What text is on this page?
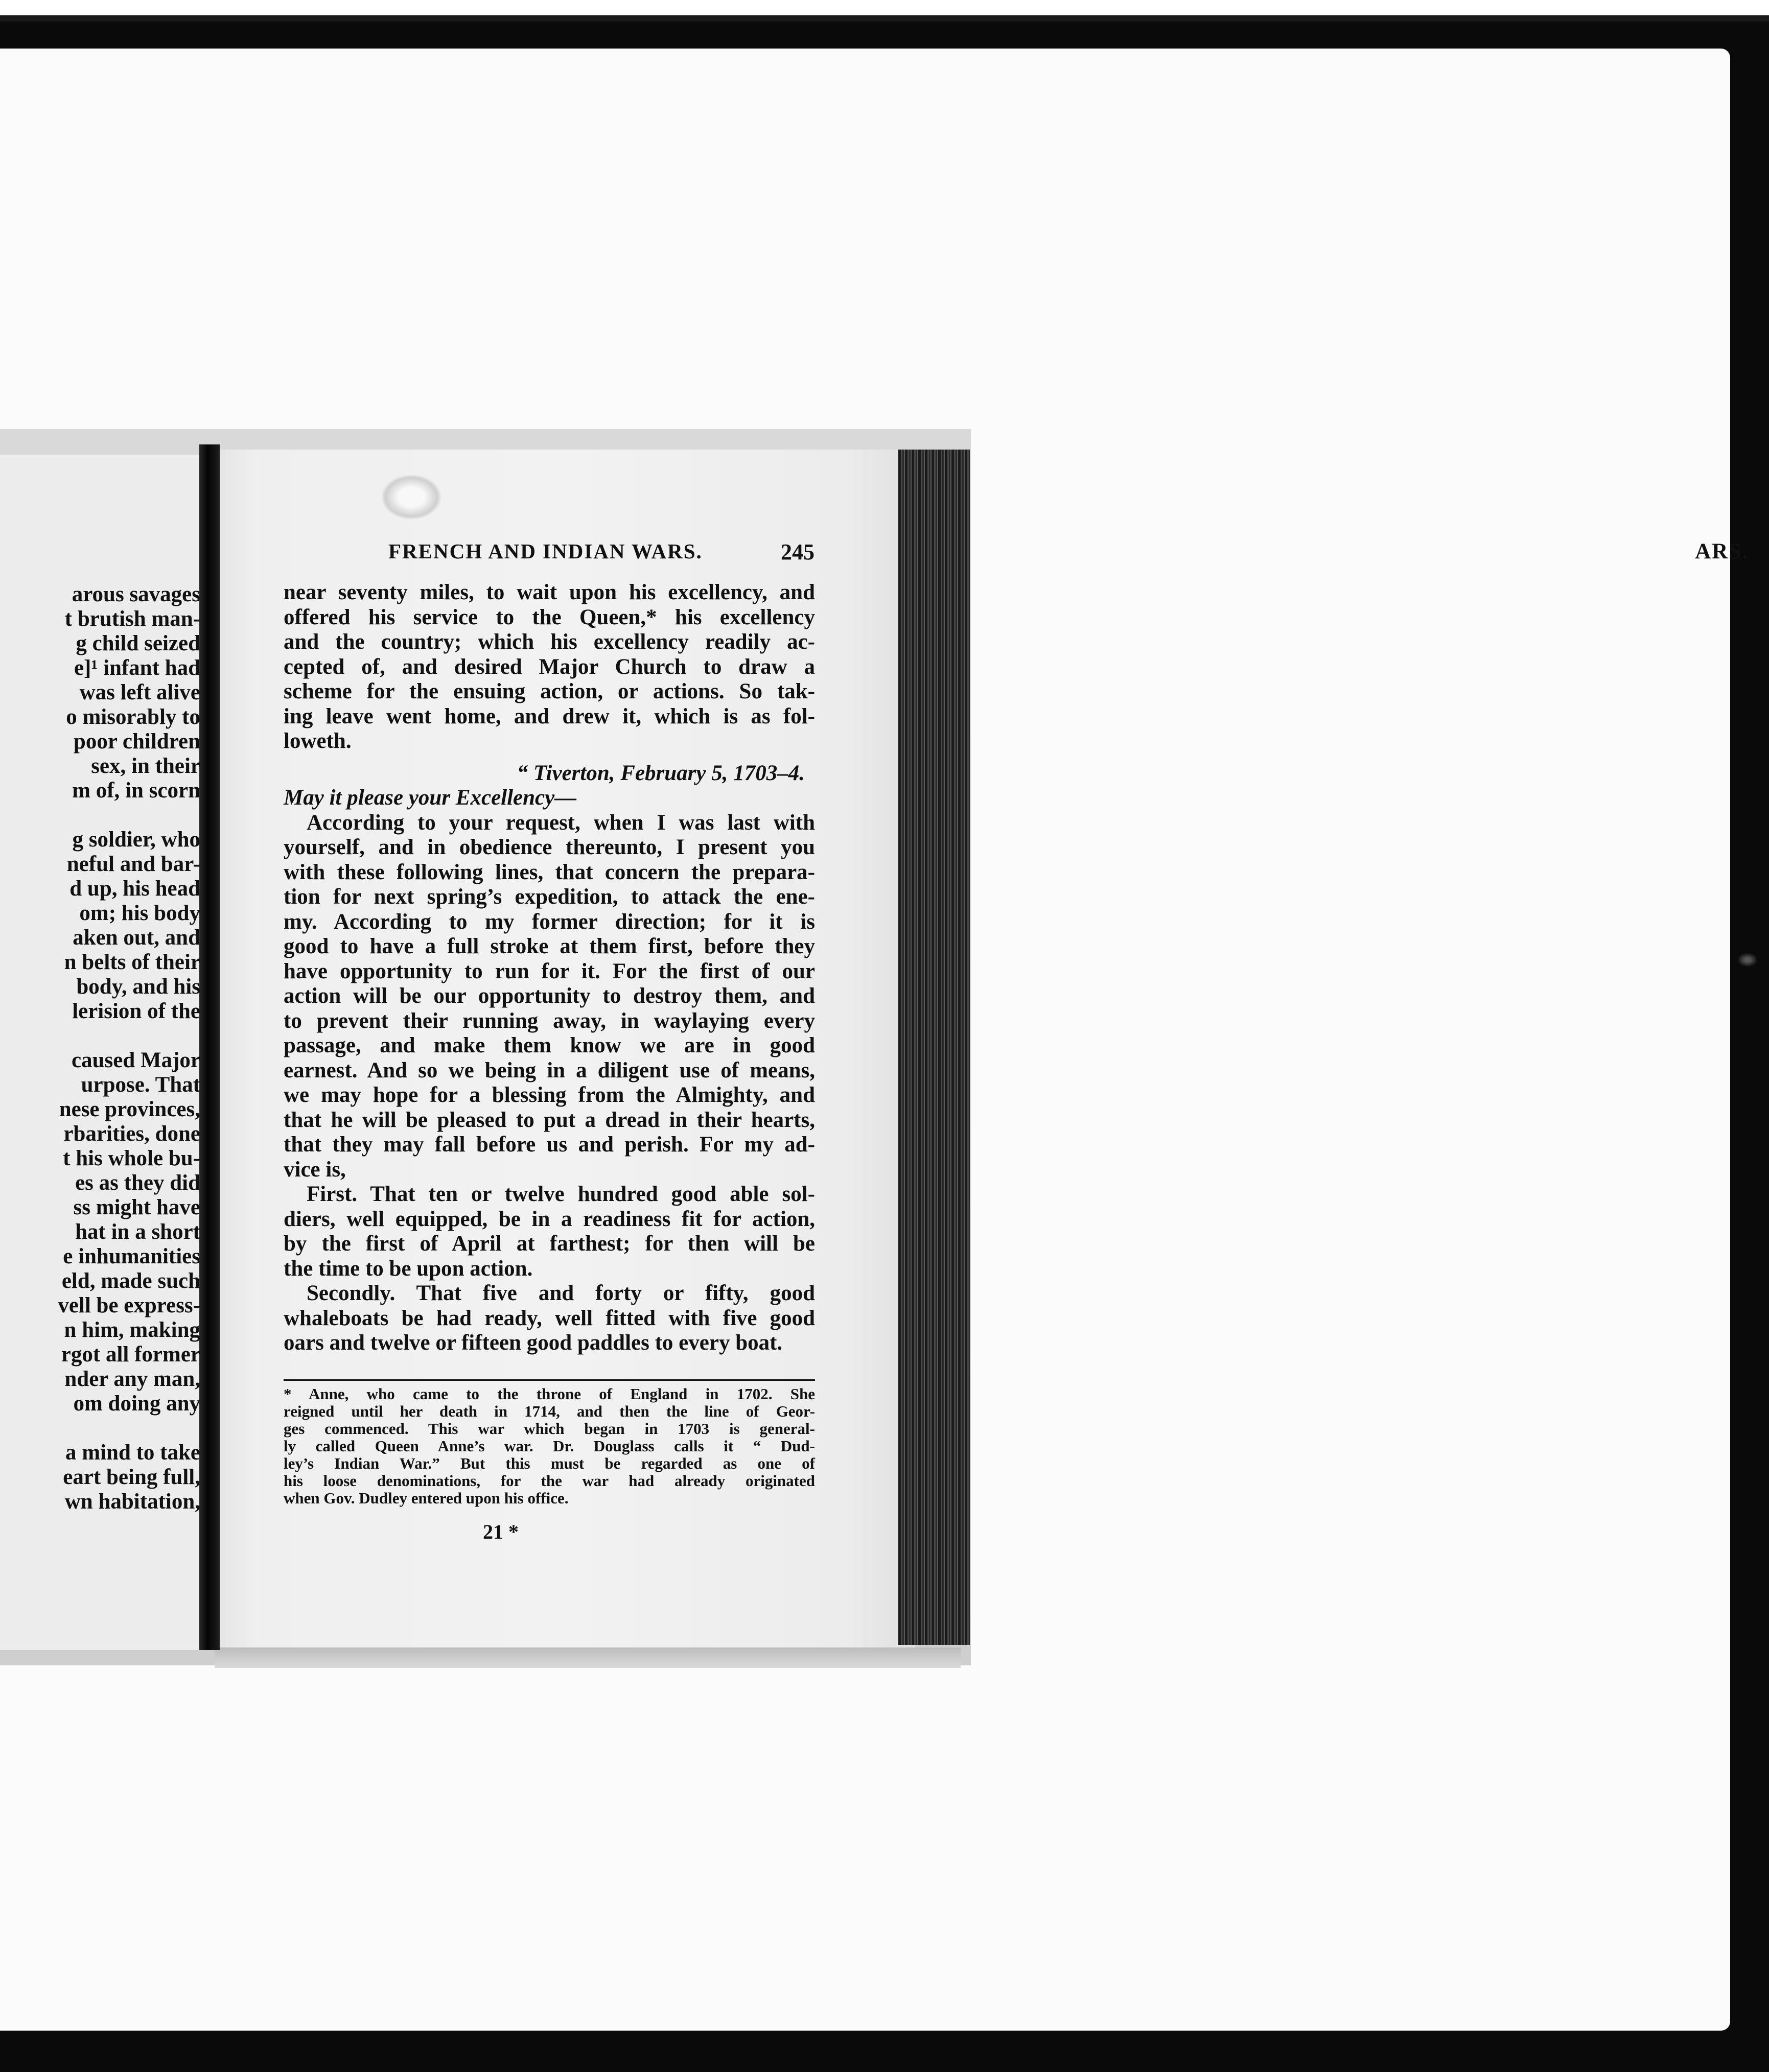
ARS.
arous savages
t brutish man-
g child seized
e]¹ infant had
was left alive
o misorably to
poor children
sex, in their
m of, in scorn
g soldier, who
neful and bar-
d up, his head
om; his body
aken out, and
n belts of their
body, and his
lerision of the
caused Major
urpose. That
nese provinces,
rbarities, done
t his whole bu-
es as they did
ss might have
hat in a short
e inhumanities
eld, made such
vell be express-
n him, making
rgot all former
nder any man,
om doing any
a mind to take
eart being full,
wn habitation,
FRENCH AND INDIAN WARS.	245
near seventy miles, to wait upon his excellency, and
offered his service to the Queen,* his excellency
and the country; which his excellency readily ac-
cepted of, and desired Major Church to draw a
scheme for the ensuing action, or actions. So tak-
ing leave went home, and drew it, which is as fol-
loweth.
“ Tiverton, February 5, 1703–4.
May it please your Excellency—
According to your request, when I was last with
yourself, and in obedience thereunto, I present you
with these following lines, that concern the prepara-
tion for next spring’s expedition, to attack the ene-
my. According to my former direction; for it is
good to have a full stroke at them first, before they
have opportunity to run for it. For the first of our
action will be our opportunity to destroy them, and
to prevent their running away, in waylaying every
passage, and make them know we are in good
earnest. And so we being in a diligent use of means,
we may hope for a blessing from the Almighty, and
that he will be pleased to put a dread in their hearts,
that they may fall before us and perish. For my ad-
vice is,
First. That ten or twelve hundred good able sol-
diers, well equipped, be in a readiness fit for action,
by the first of April at farthest; for then will be
the time to be upon action.
Secondly. That five and forty or fifty, good
whaleboats be had ready, well fitted with five good
oars and twelve or fifteen good paddles to every boat.
* Anne, who came to the throne of England in 1702. She
reigned until her death in 1714, and then the line of Geor-
ges commenced. This war which began in 1703 is general-
ly called Queen Anne’s war. Dr. Douglass calls it “ Dud-
ley’s Indian War.” But this must be regarded as one of
his loose denominations, for the war had already originated
when Gov. Dudley entered upon his office.
21 *
